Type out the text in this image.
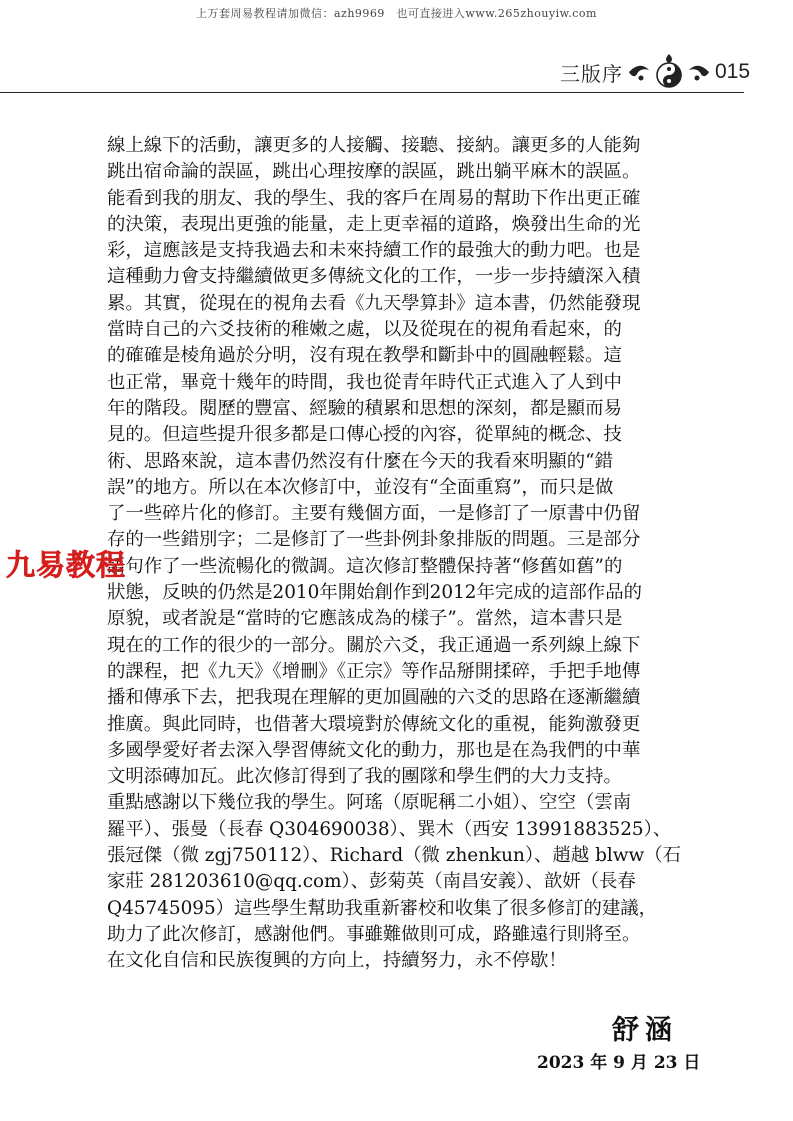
上万套周易教程请加微信：azh9969　也可直接进入www.265zhouyiw.com
三版序	015
線上線下的活動，讓更多的人接觸、接聽、接納。讓更多的人能夠
跳出宿命論的誤區，跳出心理按摩的誤區，跳出躺平麻木的誤區。
能看到我的朋友、我的學生、我的客戶在周易的幫助下作出更正確
的決策，表現出更強的能量，走上更幸福的道路，煥發出生命的光
彩，這應該是支持我過去和未來持續工作的最強大的動力吧。也是
這種動力會支持繼續做更多傳統文化的工作，一步一步持續深入積
累。其實，從現在的視角去看《九天學算卦》這本書，仍然能發現
當時自己的六爻技術的稚嫩之處，以及從現在的視角看起來，的
的確確是棱角過於分明，沒有現在教學和斷卦中的圓融輕鬆。這
也正常，畢竟十幾年的時間，我也從青年時代正式進入了人到中
年的階段。閱歷的豐富、經驗的積累和思想的深刻，都是顯而易
見的。但這些提升很多都是口傳心授的內容，從單純的概念、技
術、思路來說，這本書仍然沒有什麼在今天的我看來明顯的“錯
誤”的地方。所以在本次修訂中，並沒有“全面重寫”，而只是做
了一些碎片化的修訂。主要有幾個方面，一是修訂了一原書中仍留
存的一些錯別字；二是修訂了一些卦例卦象排版的問題。三是部分
語句作了一些流暢化的微調。這次修訂整體保持著“修舊如舊”的
狀態，反映的仍然是2010年開始創作到2012年完成的這部作品的
原貌，或者說是“當時的它應該成為的樣子”。當然，這本書只是
現在的工作的很少的一部分。關於六爻，我正通過一系列線上線下
的課程，把《九天》《增刪》《正宗》等作品掰開揉碎，手把手地傳
播和傳承下去，把我現在理解的更加圓融的六爻的思路在逐漸繼續
推廣。與此同時，也借著大環境對於傳統文化的重視，能夠激發更
多國學愛好者去深入學習傳統文化的動力，那也是在為我們的中華
文明添磚加瓦。此次修訂得到了我的團隊和學生們的大力支持。
重點感謝以下幾位我的學生。阿瑤（原昵稱二小姐）、空空（雲南
羅平）、張曼（長春 Q304690038）、巽木（西安 13991883525）、
張冠傑（微 zgj750112）、Richard（微 zhenkun）、趙越 blww（石
家莊 281203610@qq.com）、彭菊英（南昌安義）、歆妍（長春
Q45745095）這些學生幫助我重新審校和收集了很多修訂的建議，
助力了此次修訂，感謝他們。事雖難做則可成，路雖遠行則將至。
在文化自信和民族復興的方向上，持續努力，永不停歇！
九易教程
舒涵
2023 年 9 月 23 日
